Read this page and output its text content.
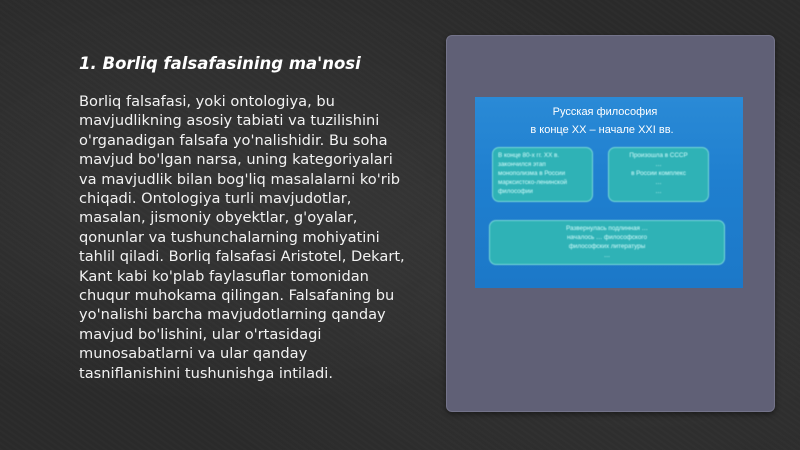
1. Borliq falsafasining ma'nosi

Borliq falsafasi, yoki ontologiya, bu

mavjudlikning asosiy tabiati va tuzilishini

o'rganadigan falsafa yo'nalishidir. Bu soha

mavjud bo'lgan narsa, uning kategoriyalari

va mavjudlik bilan bog'liq masalalarni ko'rib

chiqadi. Ontologiya turli mavjudotlar,

masalan, jismoniy obyektlar, g'oyalar,

qonunlar va tushunchalarning mohiyatini

tahlil qiladi. Borliq falsafasi Aristotel, Dekart,

Kant kabi ko'plab faylasuflar tomonidan

chuqur muhokama qilingan. Falsafaning bu

yo'nalishi barcha mavjudotlarning qanday

mavjud bo'lishini, ular o'rtasidagi

munosabatlarni va ular qanday

tasniflanishini tushunishga intiladi.

Русская философия
в конце XX – начале XXI вв.
В конце 80-х гг. XX в.
закончился этап
монополизма в России
марксистско-ленинской
философии
Произошла в СССР
…
в России комплекс
…
…
…
Развернулась подлинная …
началось … философского
философских литературы
…
